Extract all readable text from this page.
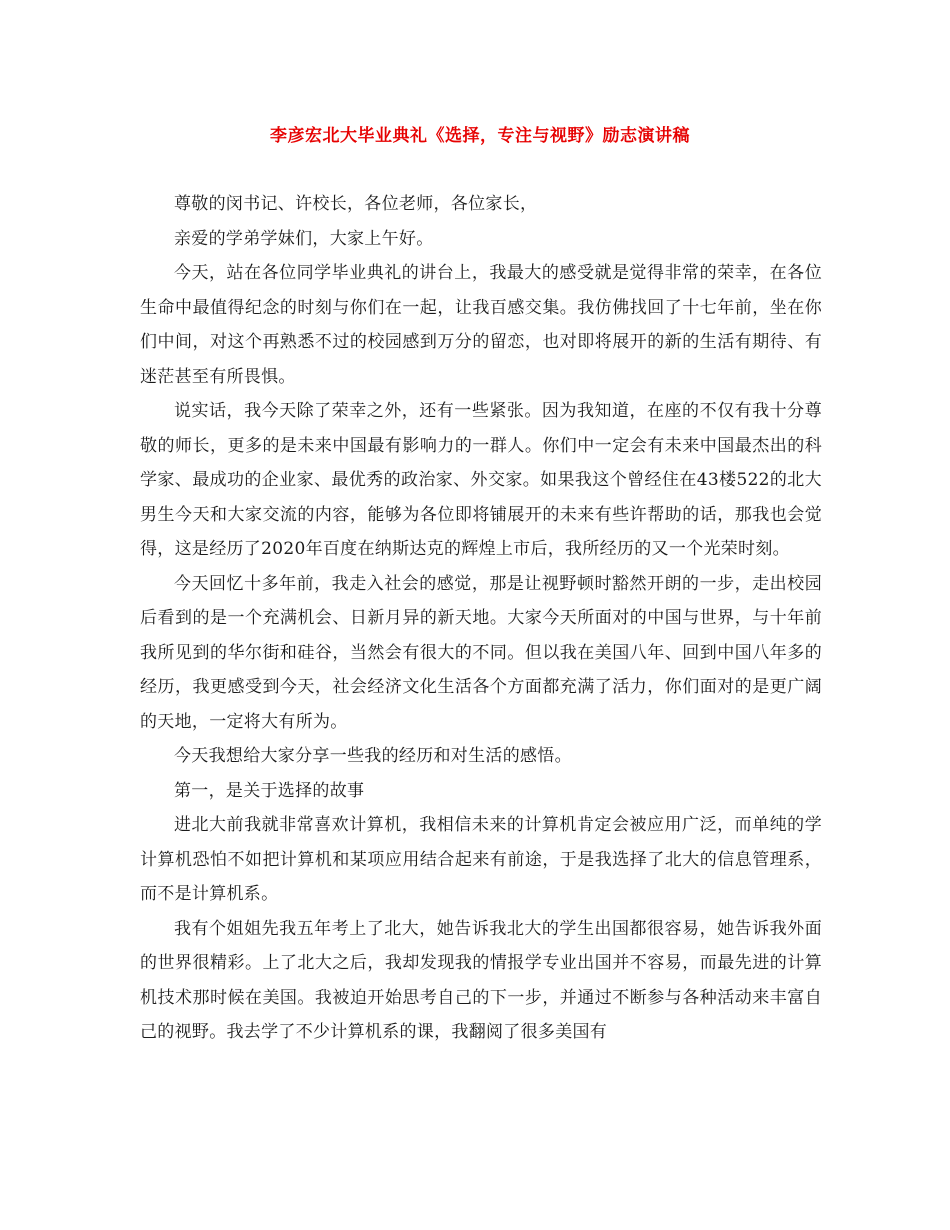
李彦宏北大毕业典礼《选择，专注与视野》励志演讲稿

尊敬的闵书记、许校长，各位老师，各位家长，

亲爱的学弟学妹们，大家上午好。

今天，站在各位同学毕业典礼的讲台上，我最大的感受就是觉得非常的荣幸，在各位生命中最值得纪念的时刻与你们在一起，让我百感交集。我仿佛找回了十七年前，坐在你们中间，对这个再熟悉不过的校园感到万分的留恋，也对即将展开的新的生活有期待、有迷茫甚至有所畏惧。

说实话，我今天除了荣幸之外，还有一些紧张。因为我知道，在座的不仅有我十分尊敬的师长，更多的是未来中国最有影响力的一群人。你们中一定会有未来中国最杰出的科学家、最成功的企业家、最优秀的政治家、外交家。如果我这个曾经住在43楼522的北大男生今天和大家交流的内容，能够为各位即将铺展开的未来有些许帮助的话，那我也会觉得，这是经历了2020年百度在纳斯达克的辉煌上市后，我所经历的又一个光荣时刻。

今天回忆十多年前，我走入社会的感觉，那是让视野顿时豁然开朗的一步，走出校园后看到的是一个充满机会、日新月异的新天地。大家今天所面对的中国与世界，与十年前我所见到的华尔街和硅谷，当然会有很大的不同。但以我在美国八年、回到中国八年多的经历，我更感受到今天，社会经济文化生活各个方面都充满了活力，你们面对的是更广阔的天地，一定将大有所为。

今天我想给大家分享一些我的经历和对生活的感悟。

第一，是关于选择的故事

进北大前我就非常喜欢计算机，我相信未来的计算机肯定会被应用广泛，而单纯的学计算机恐怕不如把计算机和某项应用结合起来有前途，于是我选择了北大的信息管理系，而不是计算机系。

我有个姐姐先我五年考上了北大，她告诉我北大的学生出国都很容易，她告诉我外面的世界很精彩。上了北大之后，我却发现我的情报学专业出国并不容易，而最先进的计算机技术那时候在美国。我被迫开始思考自己的下一步，并通过不断参与各种活动来丰富自己的视野。我去学了不少计算机系的课，我翻阅了很多美国有
